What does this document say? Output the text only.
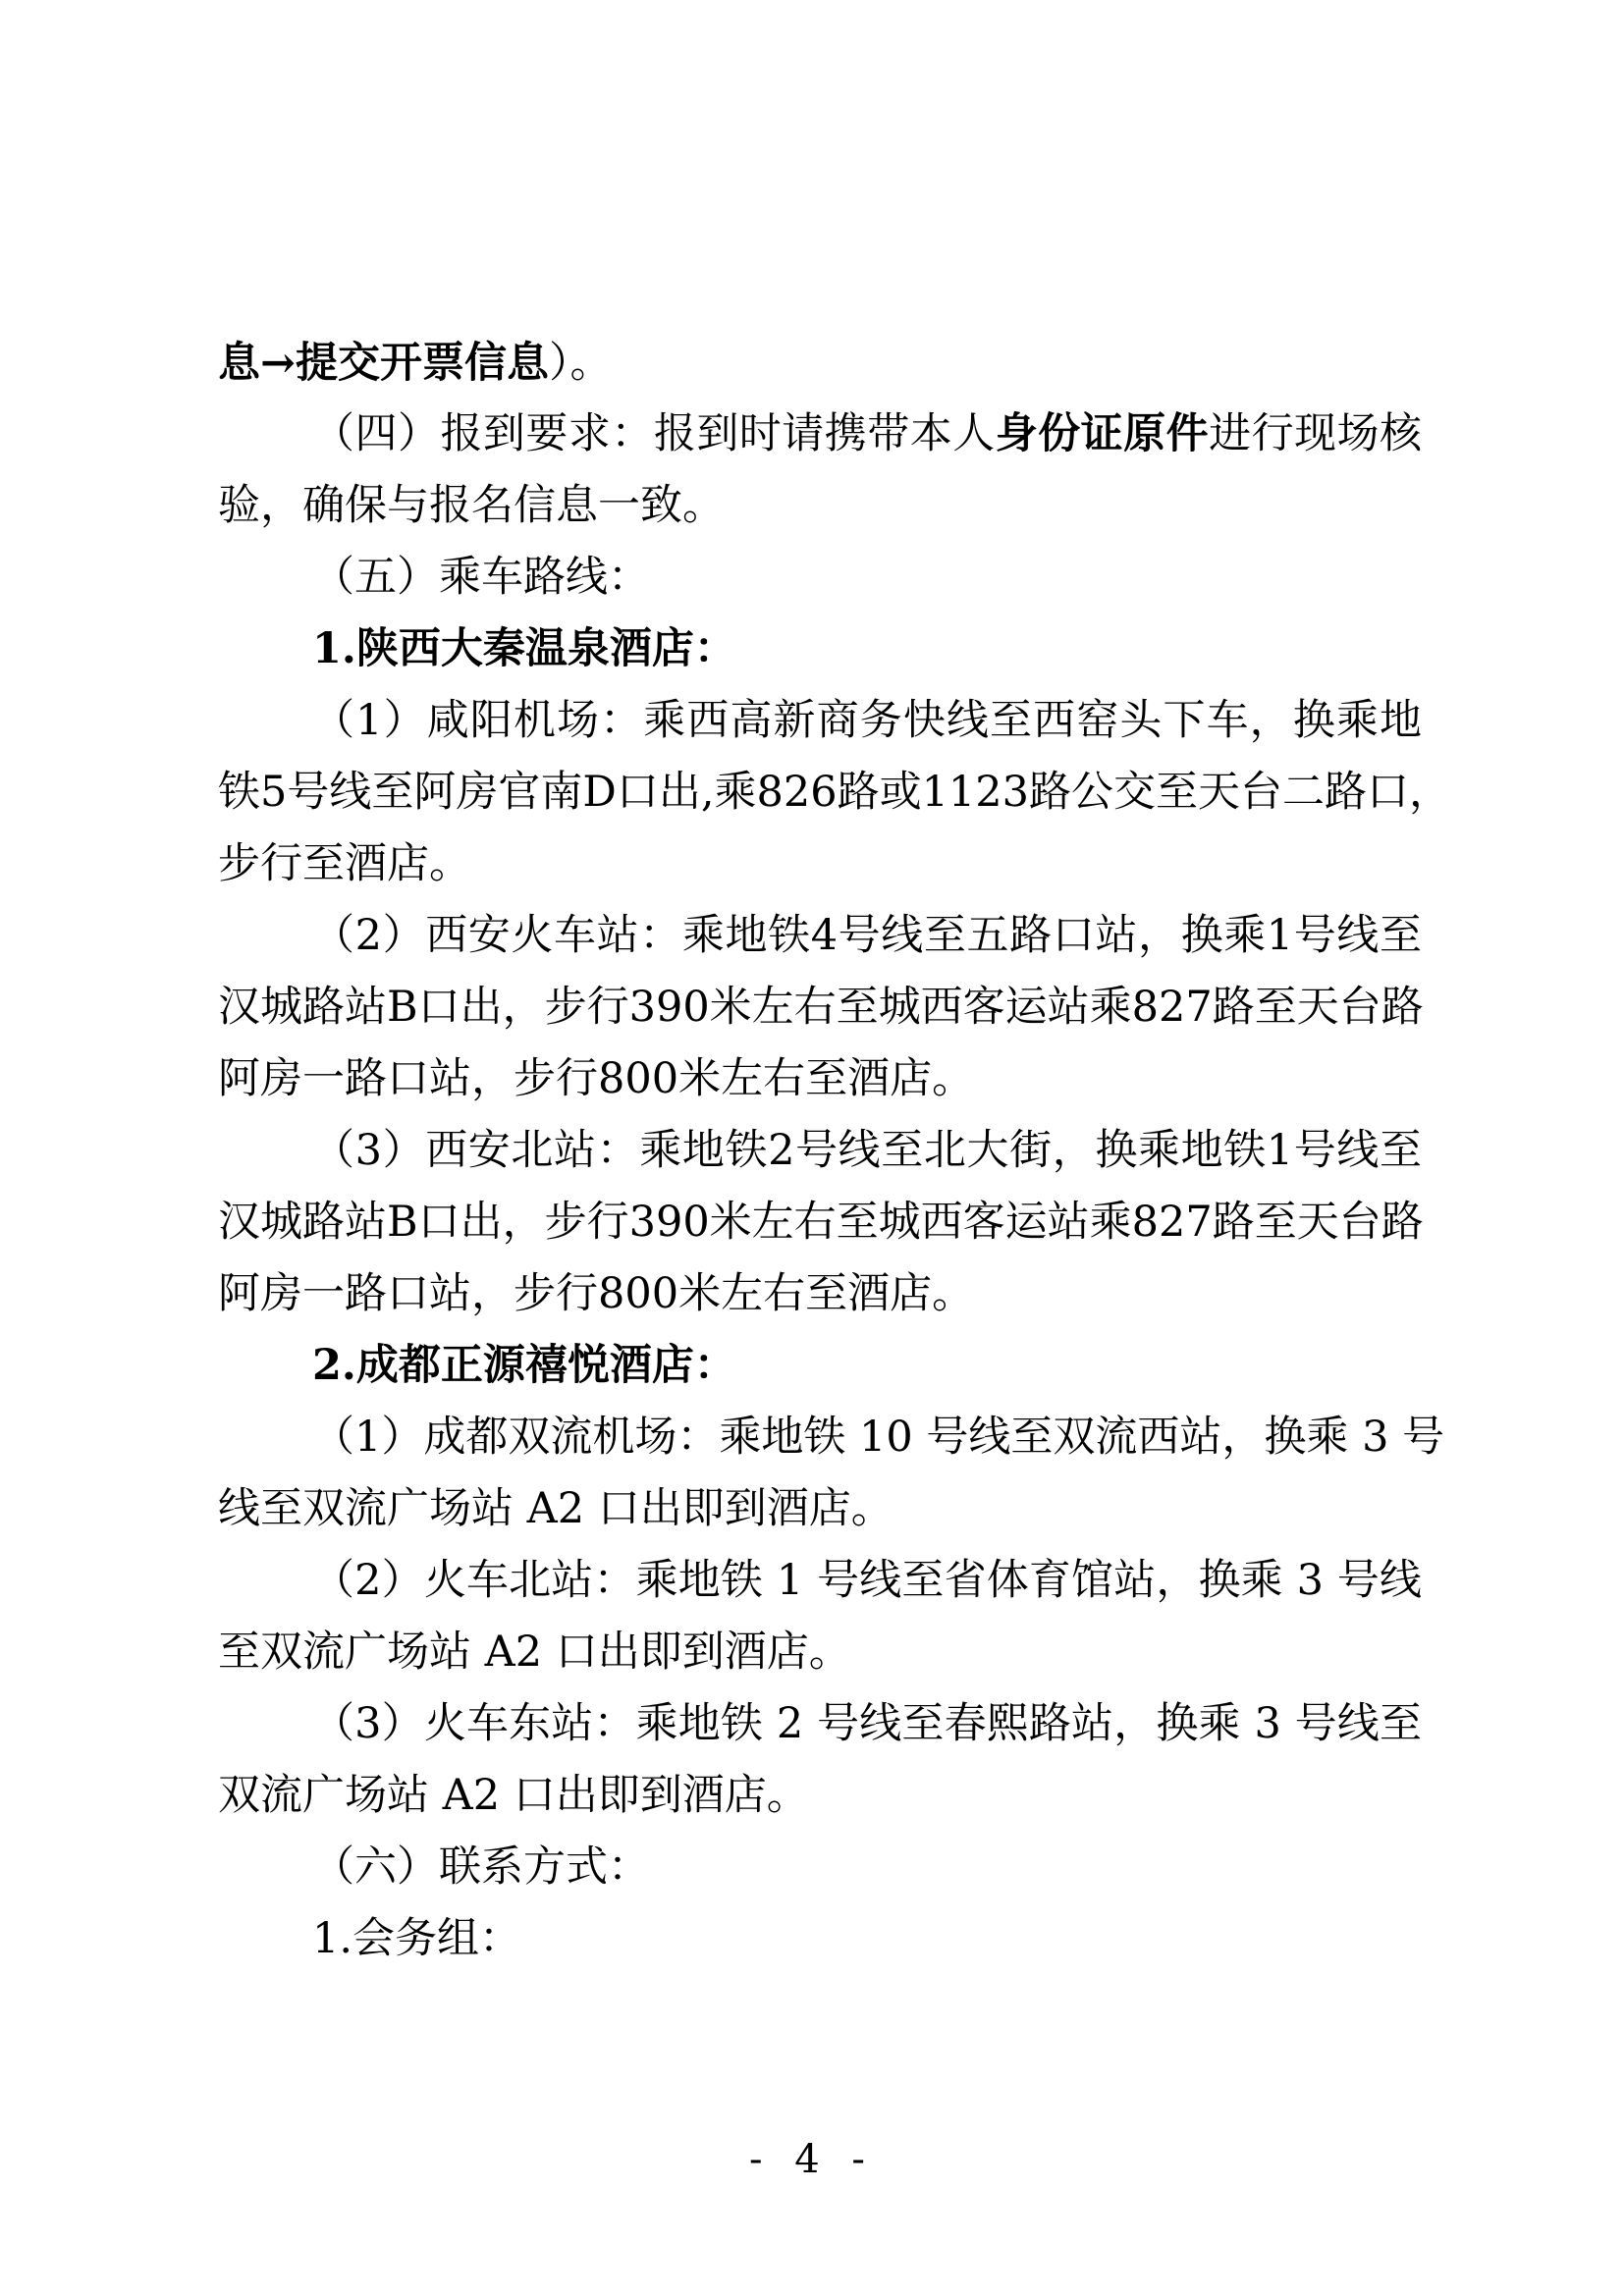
息→提交开票信息）。
（四）报到要求：报到时请携带本人身份证原件进行现场核
验，确保与报名信息一致。
（五）乘车路线：
1.陕西大秦温泉酒店：
（1）咸阳机场：乘西高新商务快线至西窑头下车，换乘地
铁5号线至阿房官南D口出,乘826路或1123路公交至天台二路口，
步行至酒店。
（2）西安火车站：乘地铁4号线至五路口站，换乘1号线至
汉城路站B口出，步行390米左右至城西客运站乘827路至天台路
阿房一路口站，步行800米左右至酒店。
（3）西安北站：乘地铁2号线至北大街，换乘地铁1号线至
汉城路站B口出，步行390米左右至城西客运站乘827路至天台路
阿房一路口站，步行800米左右至酒店。
2.成都正源禧悦酒店：
（1）成都双流机场：乘地铁 10 号线至双流西站，换乘 3 号
线至双流广场站 A2 口出即到酒店。
（2）火车北站：乘地铁 1 号线至省体育馆站，换乘 3 号线
至双流广场站 A2 口出即到酒店。
（3）火车东站：乘地铁 2 号线至春熙路站，换乘 3 号线至
双流广场站 A2 口出即到酒店。
（六）联系方式：
1.会务组：
- 4 -
